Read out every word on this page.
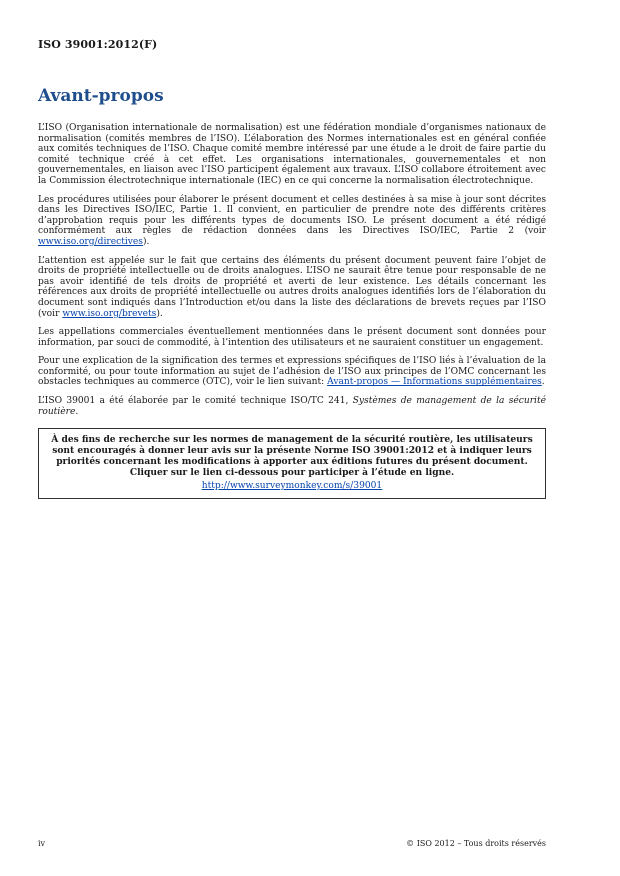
ISO 39001:2012(F)
Avant-propos

L’ISO (Organisation internationale de normalisation) est une fédération mondiale d’organismes nationaux de normalisation (comités membres de l’ISO). L’élaboration des Normes internationales est en général confiée aux comités techniques de l’ISO. Chaque comité membre intéressé par une étude a le droit de faire partie du comité technique créé à cet effet. Les organisations internationales, gouvernementales et non gouvernementales, en liaison avec l’ISO participent également aux travaux. L’ISO collabore étroitement avec la Commission électrotechnique internationale (IEC) en ce qui concerne la normalisation électrotechnique.

Les procédures utilisées pour élaborer le présent document et celles destinées à sa mise à jour sont décrites dans les Directives ISO/IEC, Partie 1. Il convient, en particulier de prendre note des différents critères d’approbation requis pour les différents types de documents ISO. Le présent document a été rédigé conformément aux règles de rédaction données dans les Directives ISO/IEC, Partie 2 (voir www.iso.org/directives).

L’attention est appelée sur le fait que certains des éléments du présent document peuvent faire l’objet de droits de propriété intellectuelle ou de droits analogues. L’ISO ne saurait être tenue pour responsable de ne pas avoir identifié de tels droits de propriété et averti de leur existence. Les détails concernant les références aux droits de propriété intellectuelle ou autres droits analogues identifiés lors de l’élaboration du document sont indiqués dans l’Introduction et/ou dans la liste des déclarations de brevets reçues par l’ISO (voir www.iso.org/brevets).

Les appellations commerciales éventuellement mentionnées dans le présent document sont données pour information, par souci de commodité, à l’intention des utilisateurs et ne sauraient constituer un engagement.

Pour une explication de la signification des termes et expressions spécifiques de l’ISO liés à l’évaluation de la conformité, ou pour toute information au sujet de l’adhésion de l’ISO aux principes de l’OMC concernant les obstacles techniques au commerce (OTC), voir le lien suivant: Avant-propos — Informations supplémentaires.

L’ISO 39001 a été élaborée par le comité technique ISO/TC 241, Systèmes de management de la sécurité routière.

À des fins de recherche sur les normes de management de la sécurité routière, les utilisateurs sont encouragés à donner leur avis sur la présente Norme ISO 39001:2012 et à indiquer leurs priorités concernant les modifications à apporter aux éditions futures du présent document. Cliquer sur le lien ci-dessous pour participer à l’étude en ligne.
http://www.surveymonkey.com/s/39001
iv	© ISO 2012 – Tous droits réservés
